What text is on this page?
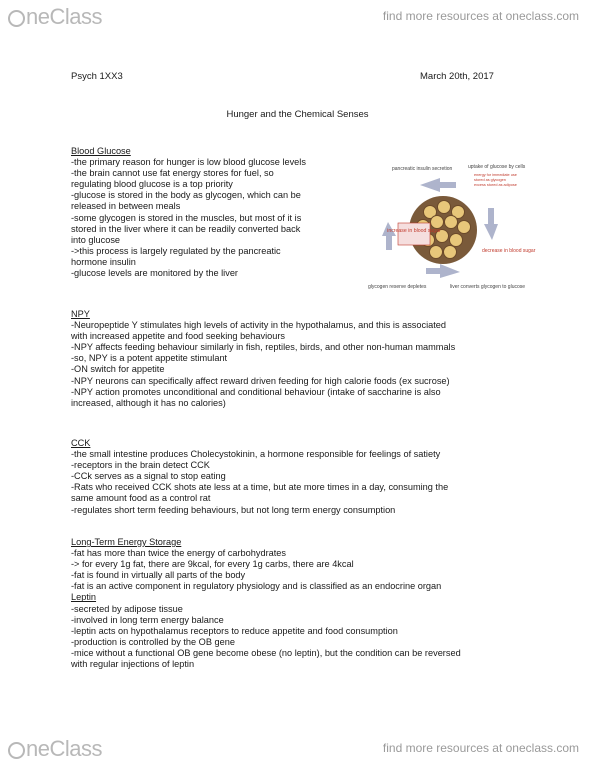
neClass	find more resources at oneclass.com
Psych 1XX3	March 20th, 2017
Hunger and the Chemical Senses

Blood Glucose

-the primary reason for hunger is low blood glucose levels

-the brain cannot use fat energy stores for fuel, so

regulating blood glucose is a top priority

-glucose is stored in the body as glycogen, which can be

released in between meals

-some glycogen is stored in the muscles, but most of it is

stored in the liver where it can be readily converted back

into glucose

->this process is largely regulated by the pancreatic

hormone insulin

-glucose levels are monitored by the liver

increase in blood sugar
pancreatic insulin secretion	uptake of glucose by cells
energy for immediate use
stored as glycogen
excess stored as adipose
decrease in blood sugar
glycogen reserve depletes	liver converts glycogen to glucose

NPY

-Neuropeptide Y stimulates high levels of activity in the hypothalamus, and this is associated

with increased appetite and food seeking behaviours

-NPY affects feeding behaviour similarly in fish, reptiles, birds, and other non-human mammals

-so, NPY is a potent appetite stimulant

-ON switch for appetite

-NPY neurons can specifically affect reward driven feeding for high calorie foods (ex sucrose)

-NPY action promotes unconditional and conditional behaviour (intake of saccharine is also

increased, although it has no calories)

CCK

-the small intestine produces Cholecystokinin, a hormone responsible for feelings of satiety

-receptors in the brain detect CCK

-CCk serves as a signal to stop eating

-Rats who received CCK shots ate less at a time, but ate more times in a day, consuming the

same amount food as a control rat

-regulates short term feeding behaviours, but not long term energy consumption

Long-Term Energy Storage

-fat has more than twice the energy of carbohydrates

-> for every 1g fat, there are 9kcal, for every 1g carbs, there are 4kcal

-fat is found in virtually all parts of the body

-fat is an active component in regulatory physiology and is classified as an endocrine organ

Leptin

-secreted by adipose tissue

-involved in long term energy balance

-leptin acts on hypothalamus receptors to reduce appetite and food consumption

-production is controlled by the OB gene

-mice without a functional OB gene become obese (no leptin), but the condition can be reversed

with regular injections of leptin

neClass	find more resources at oneclass.com
